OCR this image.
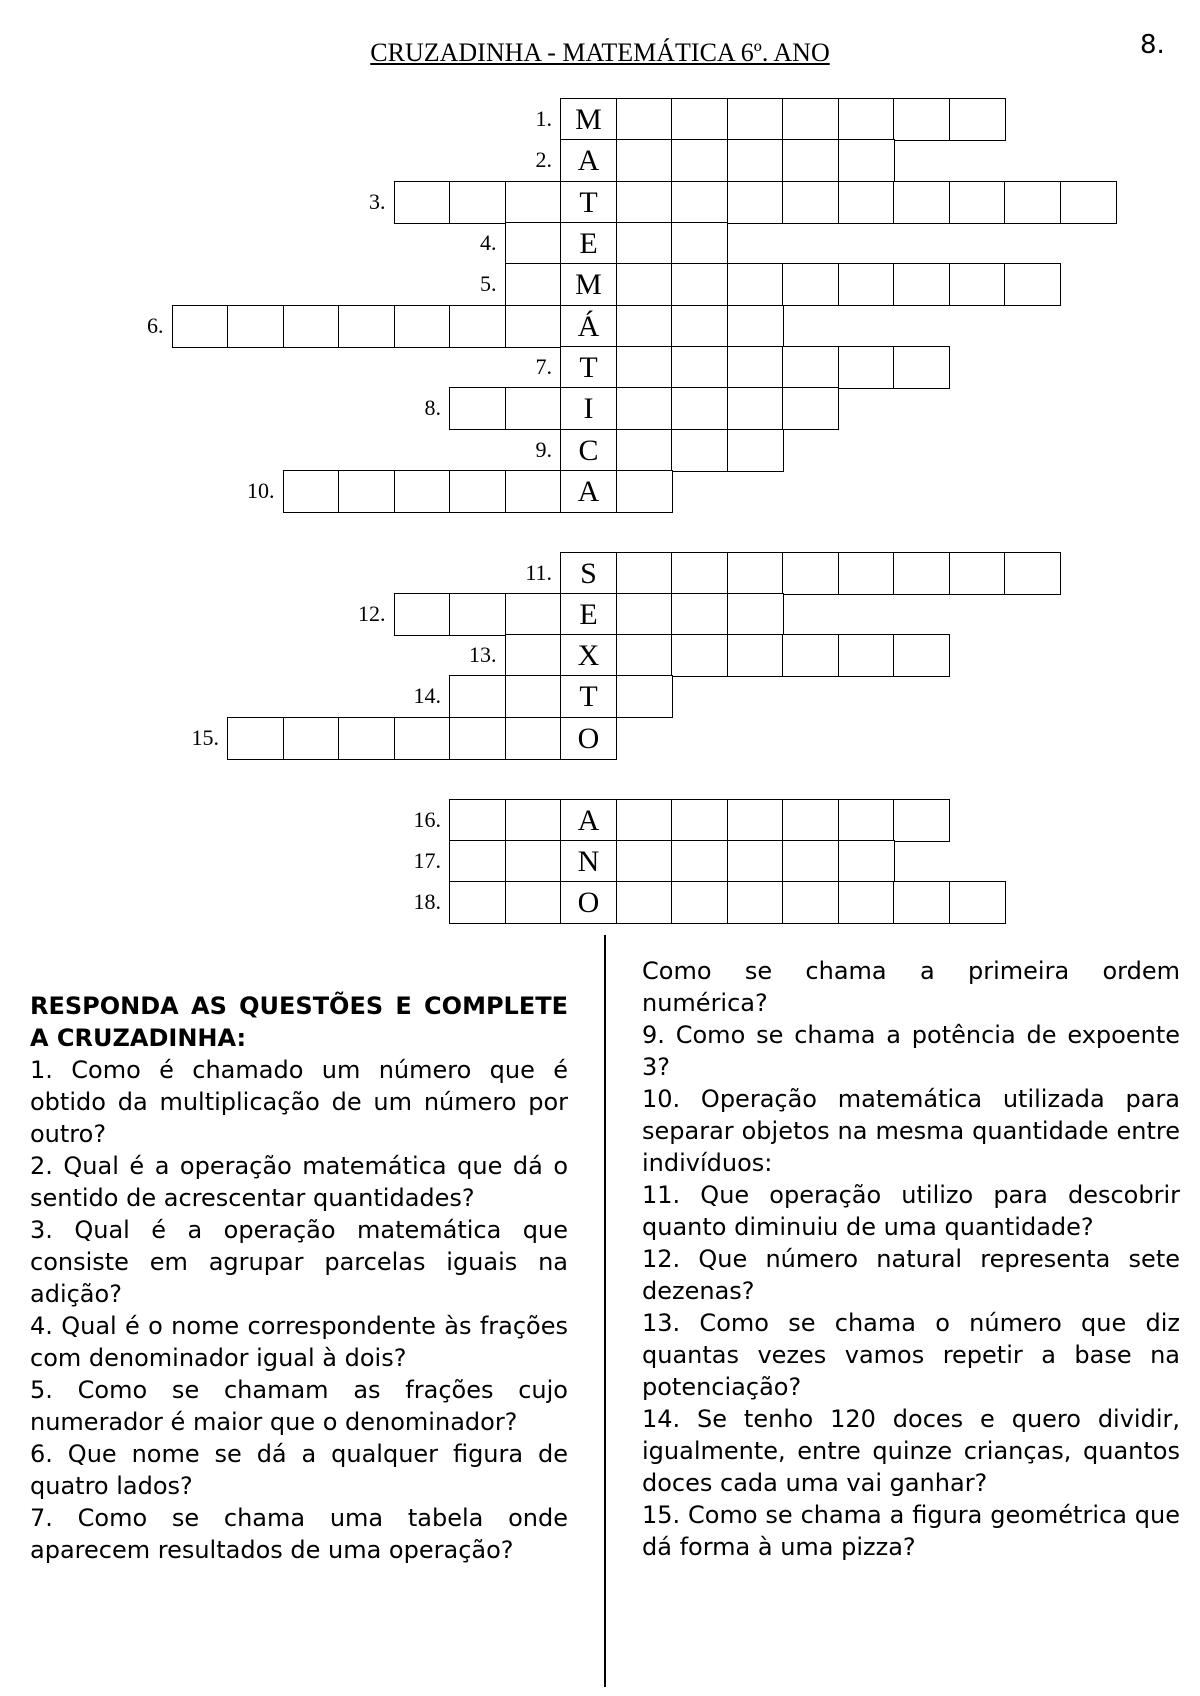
8.
CRUZADINHA - MATEMÁTICA 6º. ANO
M
1.
A
2.
T
3.
E
4.
M
5.
Á
6.
T
7.
I
8.
C
9.
A
10.
S
11.
E
12.
X
13.
T
14.
O
15.
A
16.
N
17.
O
18.

RESPONDA AS QUESTÕES E COMPLETE A CRUZADINHA:

1. Como é chamado um número que é obtido da multiplicação de um número por outro?

2. Qual é a operação matemática que dá o sentido de acrescentar quantidades?

3. Qual é a operação matemática que consiste em agrupar parcelas iguais na adição?

4. Qual é o nome correspondente às frações com denominador igual à dois?

5. Como se chamam as frações cujo numerador é maior que o denominador?

6. Que nome se dá a qualquer figura de quatro lados?

7. Como se chama uma tabela onde aparecem resultados de uma operação?

Como se chama a primeira ordem numérica?

9. Como se chama a potência de expoente 3?

10. Operação matemática utilizada para separar objetos na mesma quantidade entre indivíduos:

11. Que operação utilizo para descobrir quanto diminuiu de uma quantidade?

12. Que número natural representa sete dezenas?

13. Como se chama o número que diz quantas vezes vamos repetir a base na potenciação?

14. Se tenho 120 doces e quero dividir, igualmente, entre quinze crianças, quantos doces cada uma vai ganhar?

15. Como se chama a figura geométrica que dá forma à uma pizza?
